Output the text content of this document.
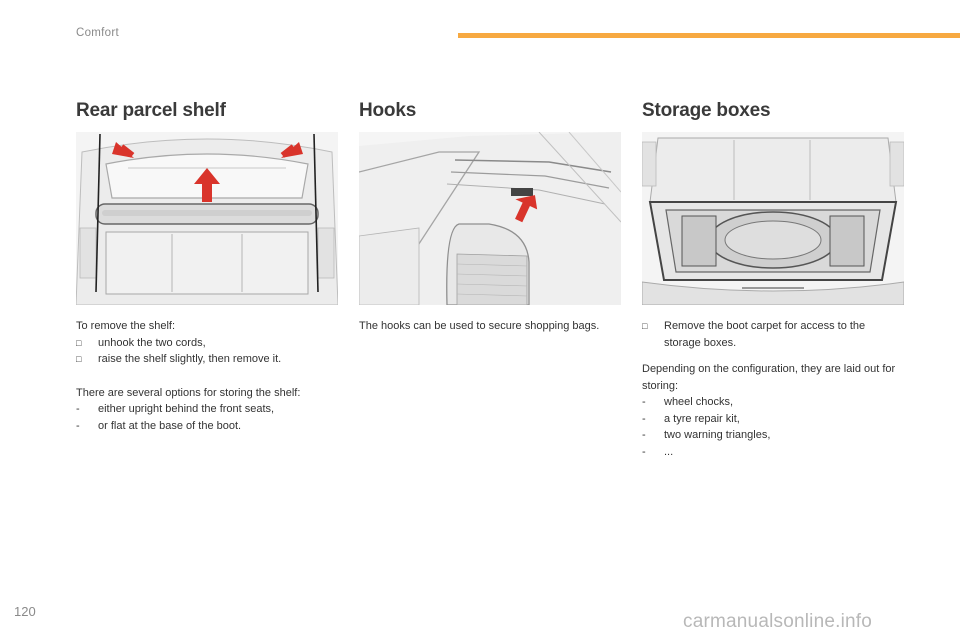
Comfort
Rear parcel shelf

To remove the shelf:

□	unhook the two cords,
□	raise the shelf slightly, then remove it.

There are several options for storing the shelf:

-	either upright behind the front seats,
-	or flat at the base of the boot.
Hooks

The hooks can be used to secure shopping bags.

Storage boxes
□	Remove the boot carpet for access to the storage boxes.

Depending on the configuration, they are laid out for storing:

-	wheel chocks,
-	a tyre repair kit,
-	two warning triangles,
-	...
120	carmanualsonline.info
